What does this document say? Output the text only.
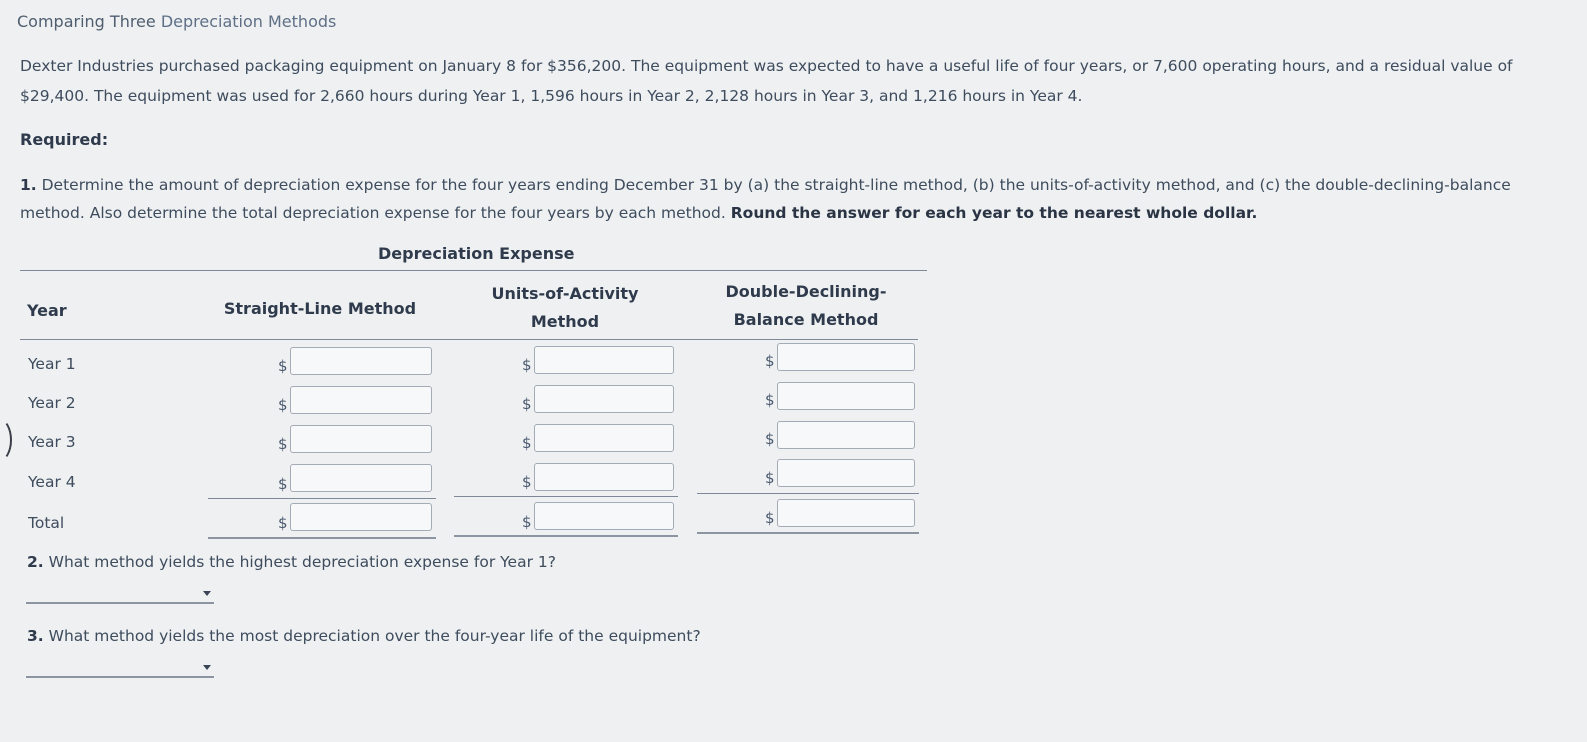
Comparing Three Depreciation Methods
Dexter Industries purchased packaging equipment on January 8 for $356,200. The equipment was expected to have a useful life of four years, or 7,600 operating hours, and a residual value of $29,400. The equipment was used for 2,660 hours during Year 1, 1,596 hours in Year 2, 2,128 hours in Year 3, and 1,216 hours in Year 4.
Required:
1. Determine the amount of depreciation expense for the four years ending December 31 by (a) the straight-line method, (b) the units-of-activity method, and (c) the double-declining-balance method. Also determine the total depreciation expense for the four years by each method. Round the answer for each year to the nearest whole dollar.
Depreciation Expense
Year	Straight-Line Method
Units-of-Activity
Method
Double-Declining-
Balance Method
Year 1
Year 2
Year 3
Year 4
Total
$
$
$
$
$
$
$
$
$
$
$
$
$
$
$
2. What method yields the highest depreciation expense for Year 1?
3. What method yields the most depreciation over the four-year life of the equipment?
